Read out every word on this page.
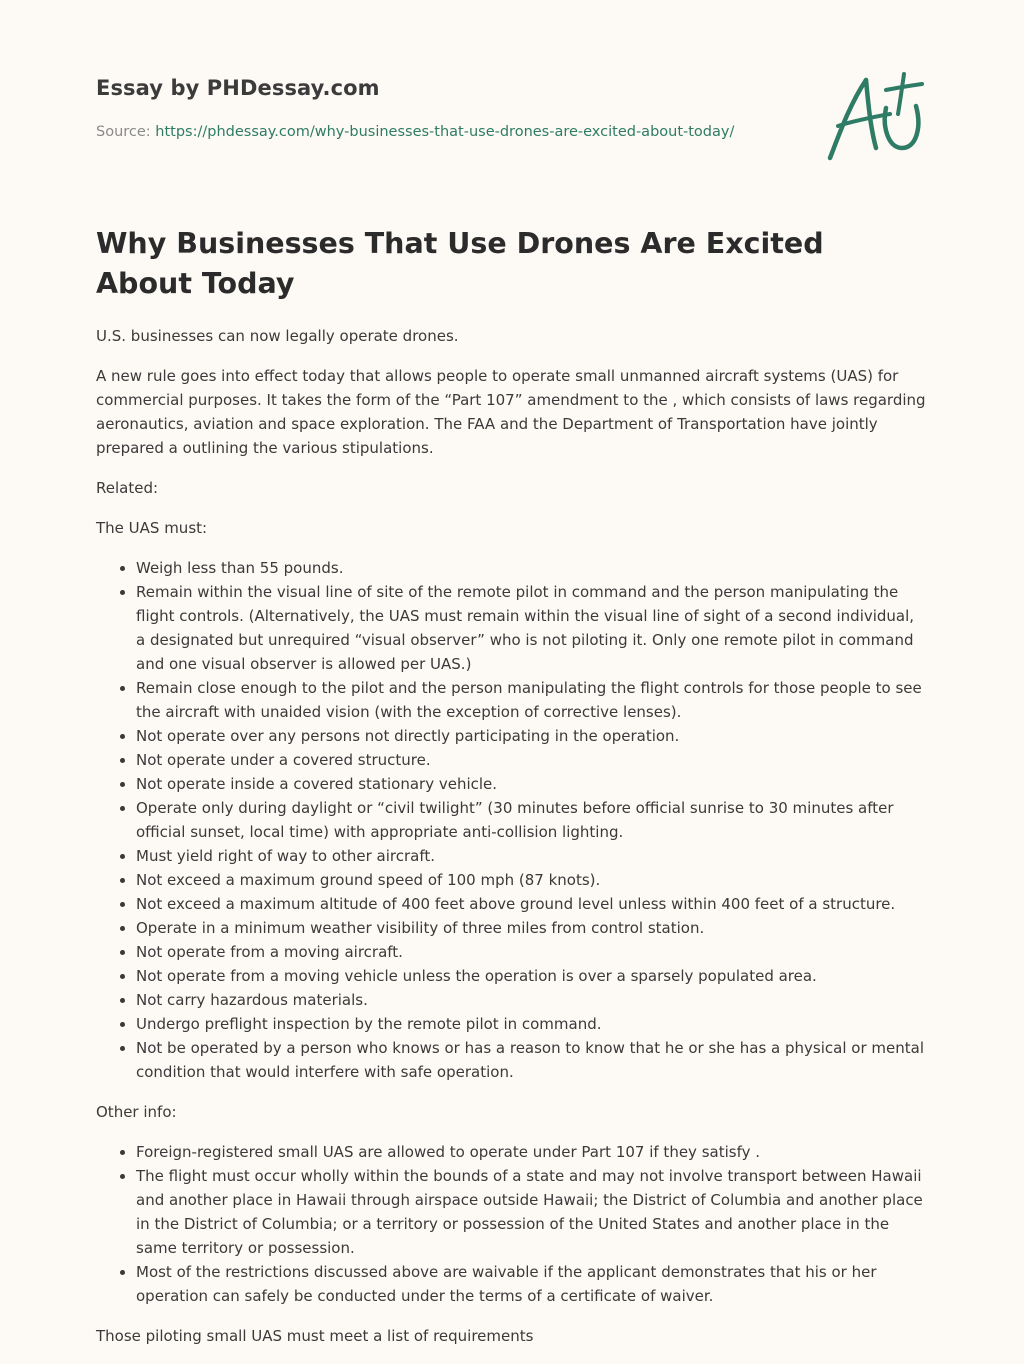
Essay by PHDessay.com
Source: https://phdessay.com/why-businesses-that-use-drones-are-excited-about-today/
Why Businesses That Use Drones Are Excited About Today

U.S. businesses can now legally operate drones.

A new rule goes into effect today that allows people to operate small unmanned aircraft systems (UAS) for commercial purposes. It takes the form of the “Part 107” amendment to the , which consists of laws regarding aeronautics, aviation and space exploration. The FAA and the Department of Transportation have jointly prepared a outlining the various stipulations.

Related:

The UAS must:

• Weigh less than 55 pounds.
• Remain within the visual line of site of the remote pilot in command and the person manipulating the flight controls. (Alternatively, the UAS must remain within the visual line of sight of a second individual, a designated but unrequired “visual observer” who is not piloting it. Only one remote pilot in command and one visual observer is allowed per UAS.)
• Remain close enough to the pilot and the person manipulating the flight controls for those people to see the aircraft with unaided vision (with the exception of corrective lenses).
• Not operate over any persons not directly participating in the operation.
• Not operate under a covered structure.
• Not operate inside a covered stationary vehicle.
• Operate only during daylight or “civil twilight” (30 minutes before official sunrise to 30 minutes after official sunset, local time) with appropriate anti-collision lighting.
• Must yield right of way to other aircraft.
• Not exceed a maximum ground speed of 100 mph (87 knots).
• Not exceed a maximum altitude of 400 feet above ground level unless within 400 feet of a structure.
• Operate in a minimum weather visibility of three miles from control station.
• Not operate from a moving aircraft.
• Not operate from a moving vehicle unless the operation is over a sparsely populated area.
• Not carry hazardous materials.
• Undergo preflight inspection by the remote pilot in command.
• Not be operated by a person who knows or has a reason to know that he or she has a physical or mental condition that would interfere with safe operation.

Other info:

• Foreign-registered small UAS are allowed to operate under Part 107 if they satisfy .
• The flight must occur wholly within the bounds of a state and may not involve transport between Hawaii and another place in Hawaii through airspace outside Hawaii; the District of Columbia and another place in the District of Columbia; or a territory or possession of the United States and another place in the same territory or possession.
• Most of the restrictions discussed above are waivable if the applicant demonstrates that his or her operation can safely be conducted under the terms of a certificate of waiver.

Those piloting small UAS must meet a list of requirements
